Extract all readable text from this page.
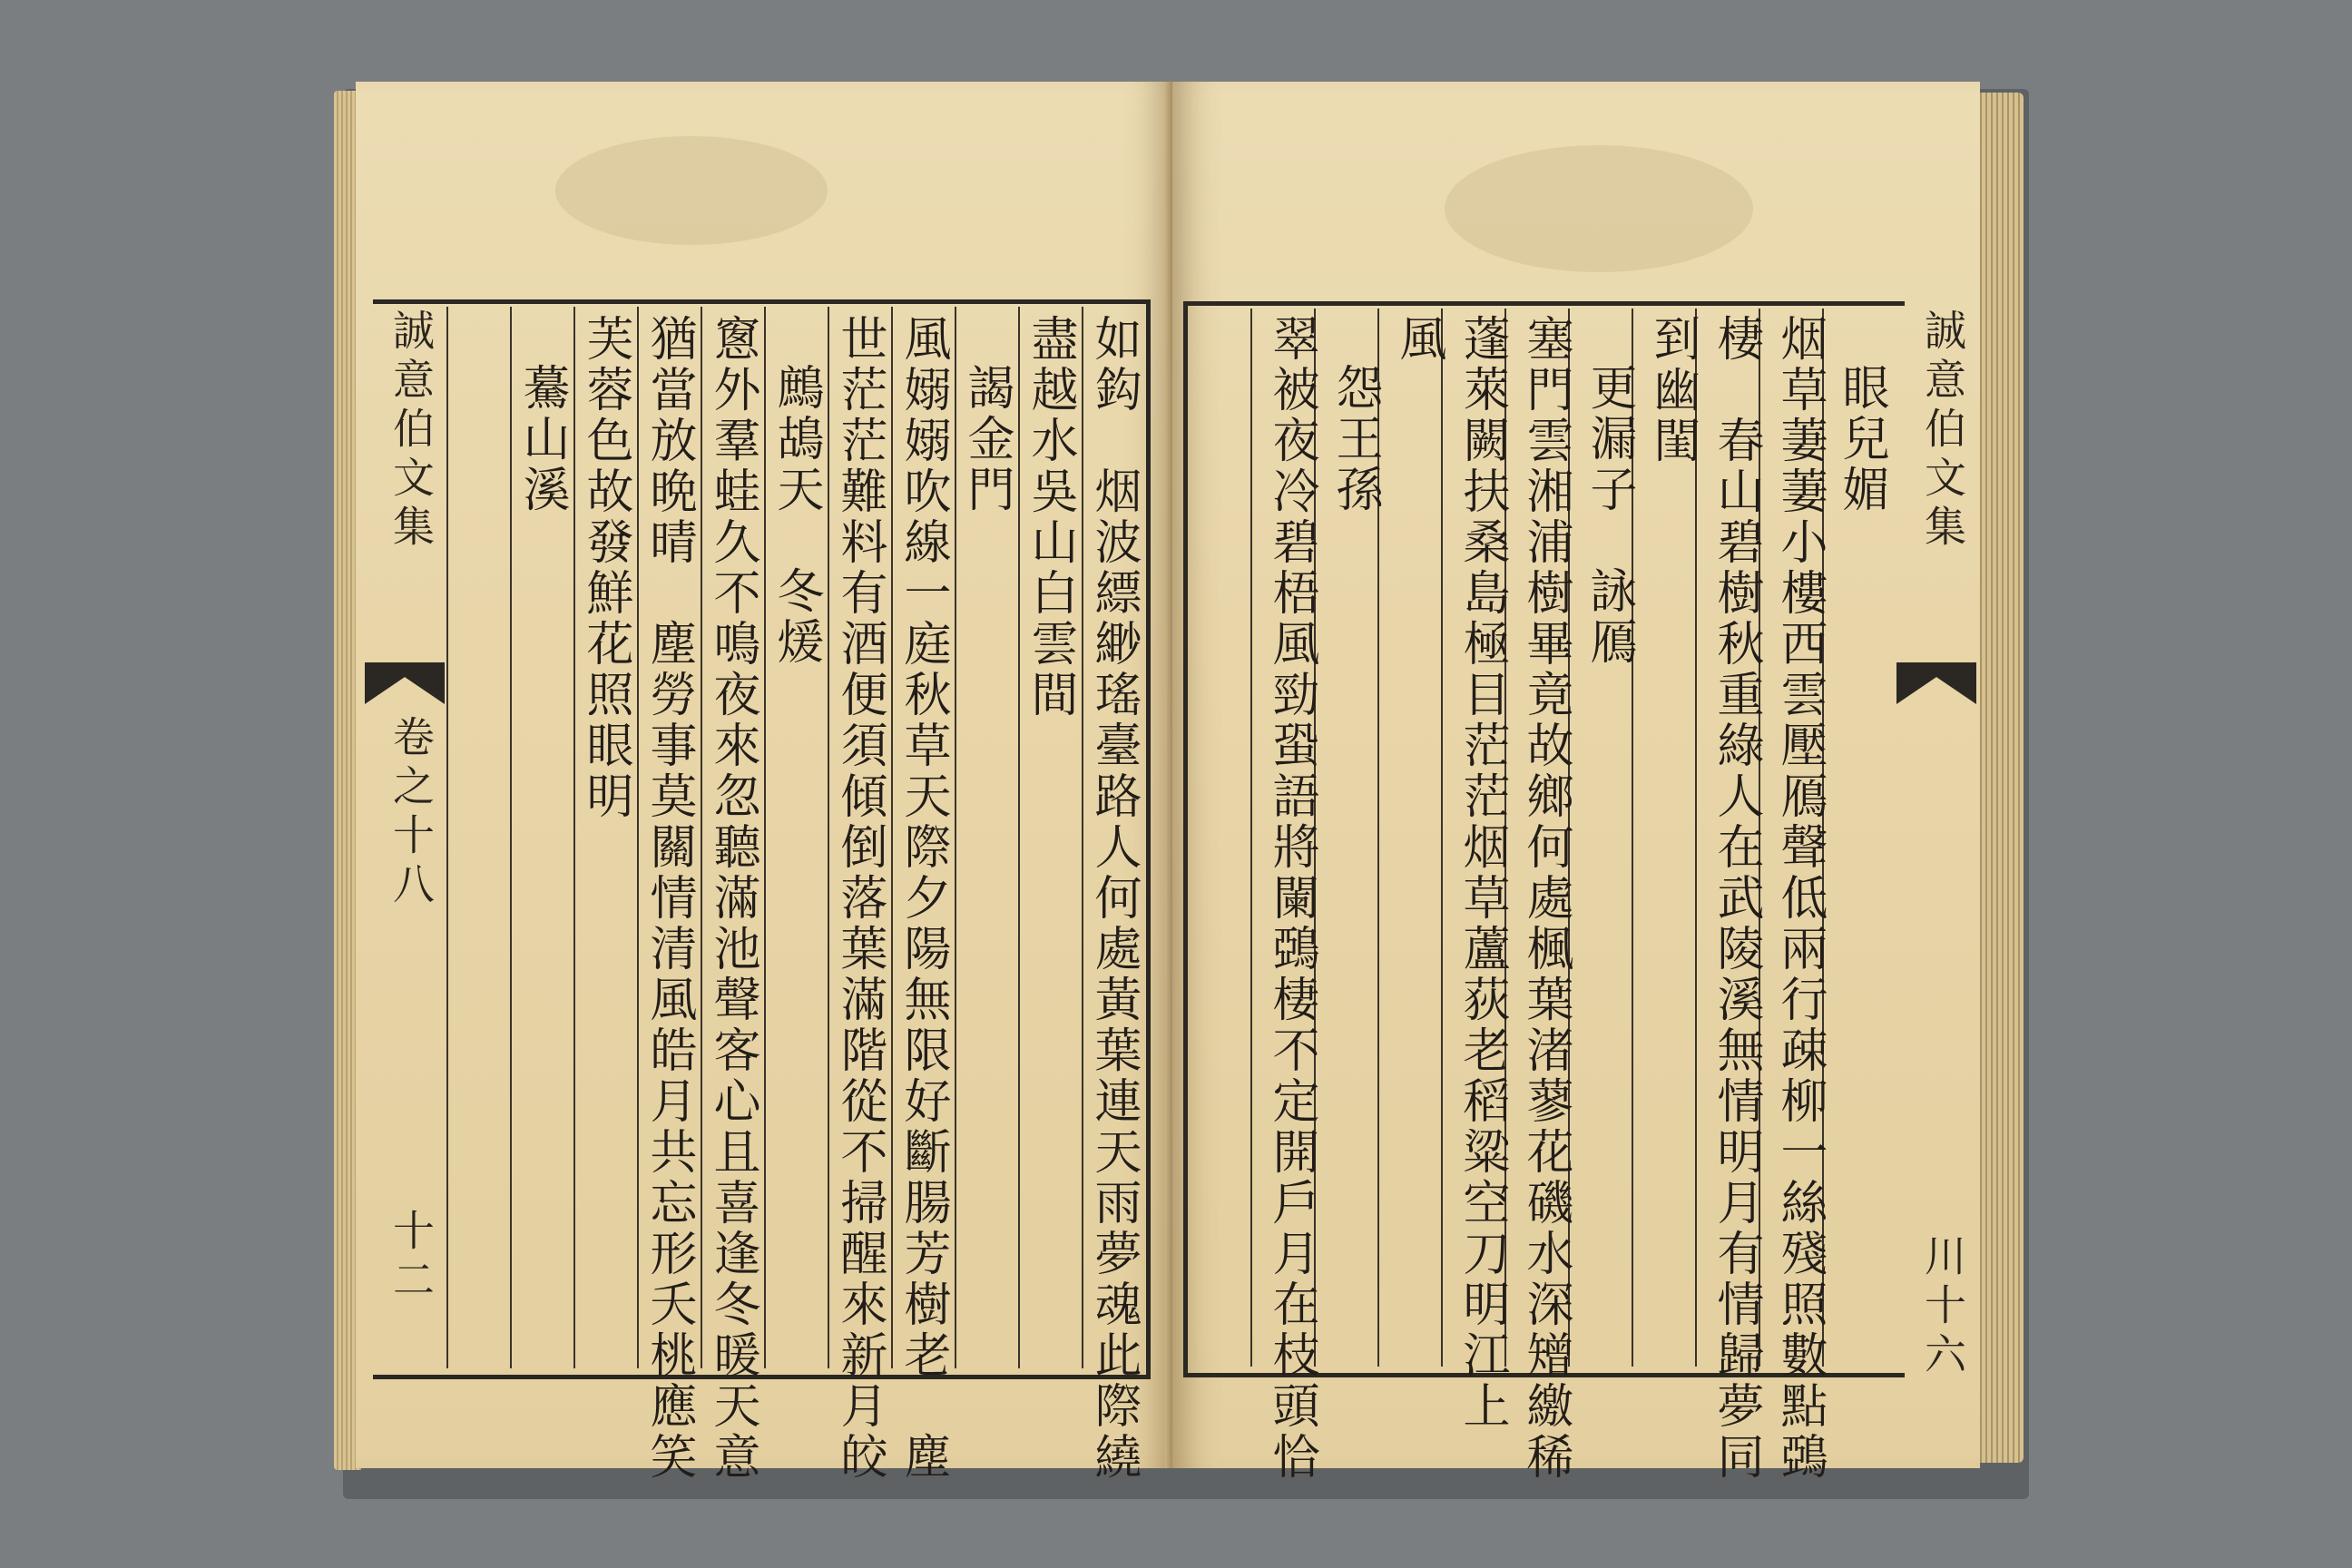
誠意伯文集
卷之十八
十二	如鈎　烟波縹緲瑤臺路人何處黃葉連天雨夢魂此際繞
盡越水吳山白雲間
謁金門
風嫋嫋吹線一庭秋草天際夕陽無限好斷腸芳樹老　塵
世茫茫難料有酒便須傾倒落葉滿階從不掃醒來新月皎
鷓鴣天　冬煖
窻外羣蛙久不鳴夜來忽聽滿池聲客心且喜逢冬暖天意
猶當放晩晴　塵勞事莫關情清風皓月共忘形夭桃應笑
芙蓉色故發鮮花照眼明
驀山溪	誠意伯文集
川十六
眼兒媚
烟草萋萋小樓西雲壓鴈聲低兩行疎柳一絲殘照數點鵶
棲　春山碧樹秋重綠人在武陵溪無情明月有情歸夢同
到幽閨
更漏子　詠鴈
塞門雲湘浦樹畢竟故鄉何處楓葉渚蓼花磯水深矰繳稀
蓬萊闕扶桑島極目茫茫烟草蘆荻老稻粱空刀明江上
風
怨王孫
翠被夜冷碧梧風勁蛩語將闌鵶棲不定開戶月在枝頭恰
